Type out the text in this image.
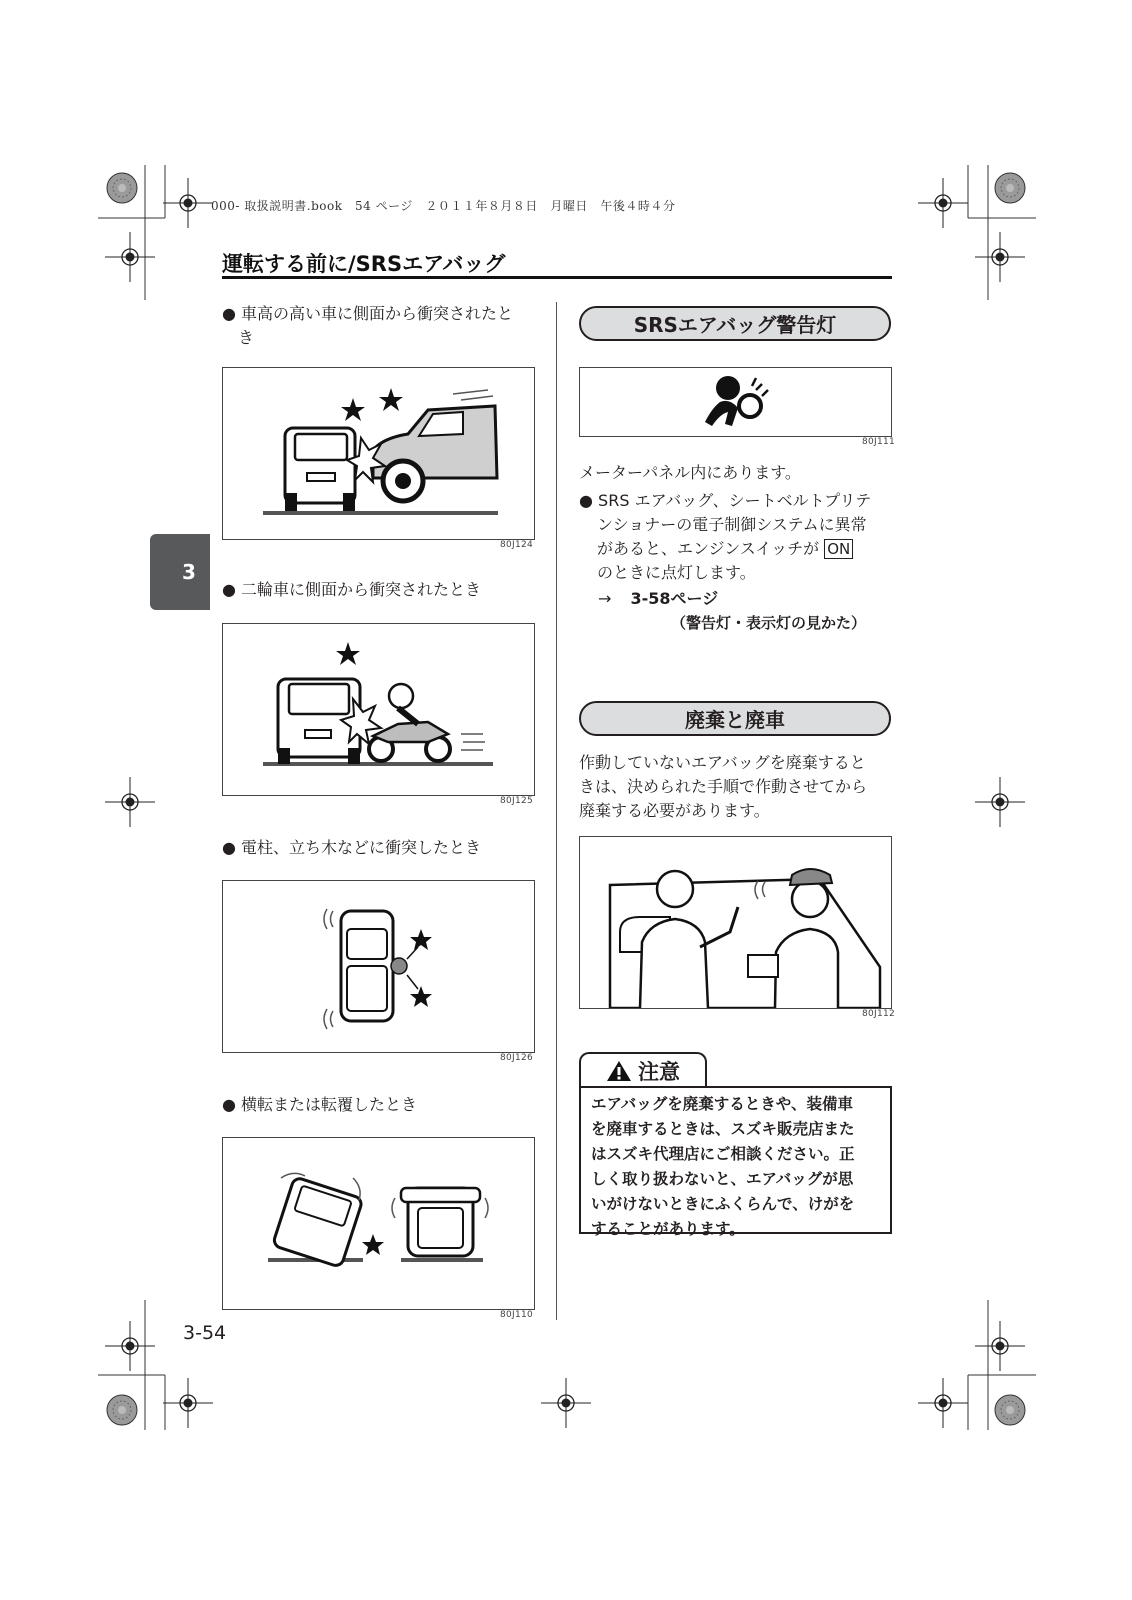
000- 取扱説明書.book　54 ページ　２０１１年８月８日　月曜日　午後４時４分
運転する前に/SRSエアバッグ
3
● 車高の高い車に側面から衝突されたと
　き
80J124
● 二輪車に側面から衝突されたとき
80J125
● 電柱、立ち木などに衝突したとき
80J126
● 横転または転覆したとき
80J110
SRSエアバッグ警告灯
80J111
メーターパネル内にあります。
● SRS エアバッグ、シートベルトプリテ
ンショナーの電子制御システムに異常
があると、エンジンスイッチが ON
のときに点灯します。
→ 3-58ページ
（警告灯・表示灯の見かた）
廃棄と廃車
作動していないエアバッグを廃棄すると
きは、決められた手順で作動させてから
廃棄する必要があります。
80J112
注意
エアバッグを廃棄するときや、装備車
を廃車するときは、スズキ販売店また
はスズキ代理店にご相談ください。正
しく取り扱わないと、エアバッグが思
いがけないときにふくらんで、けがを
することがあります。
3-54
